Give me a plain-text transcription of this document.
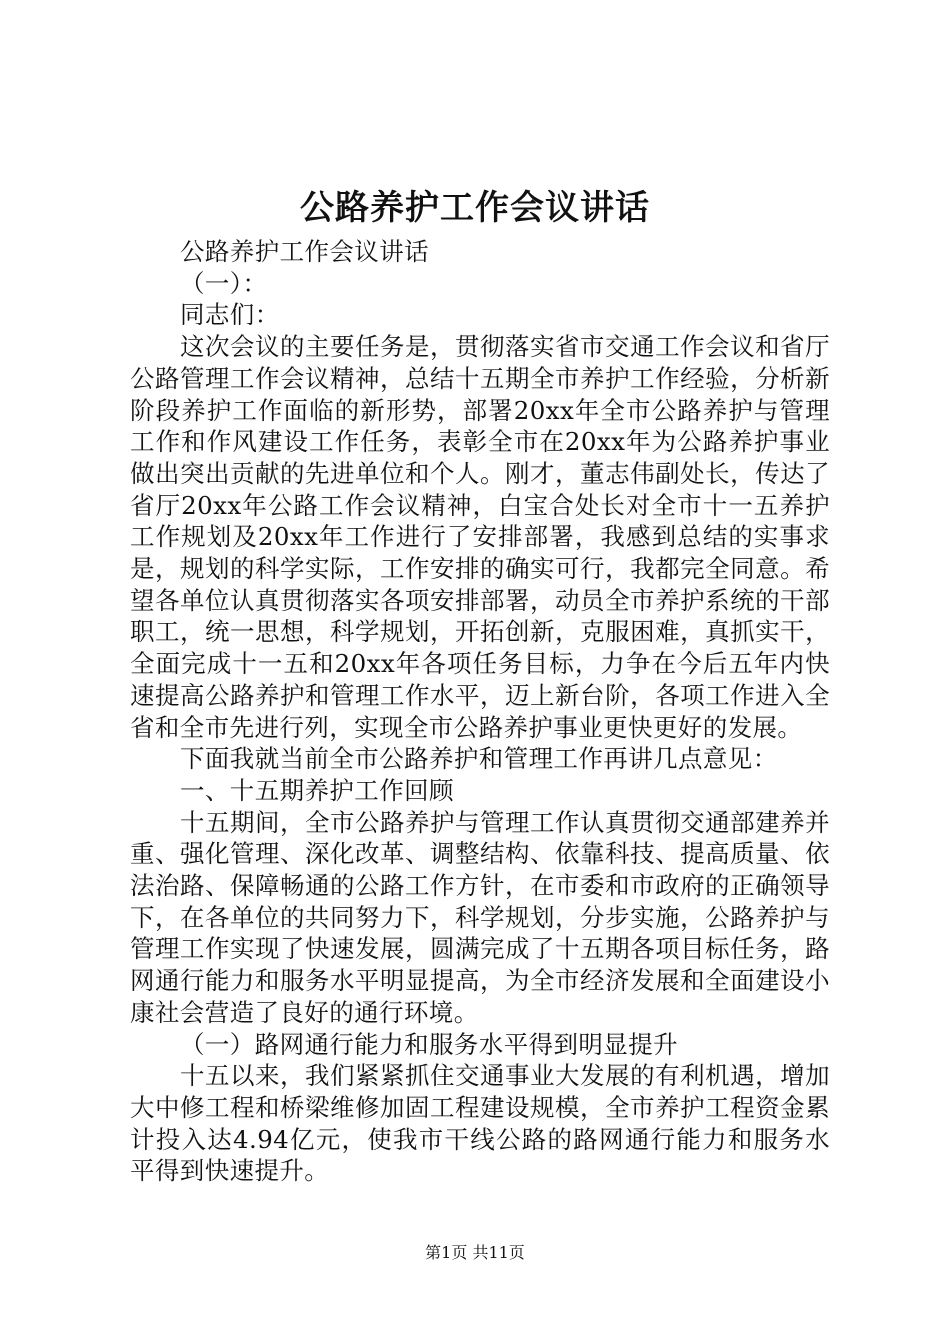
公路养护工作会议讲话

公路养护工作会议讲话

（一）：

同志们：

这次会议的主要任务是，贯彻落实省市交通工作会议和省厅公路管理工作会议精神，总结十五期全市养护工作经验，分析新阶段养护工作面临的新形势，部署20xx年全市公路养护与管理工作和作风建设工作任务，表彰全市在20xx年为公路养护事业做出突出贡献的先进单位和个人。刚才，董志伟副处长，传达了省厅20xx年公路工作会议精神，白宝合处长对全市十一五养护工作规划及20xx年工作进行了安排部署，我感到总结的实事求是，规划的科学实际，工作安排的确实可行，我都完全同意。希望各单位认真贯彻落实各项安排部署，动员全市养护系统的干部职工，统一思想，科学规划，开拓创新，克服困难，真抓实干，全面完成十一五和20xx年各项任务目标，力争在今后五年内快速提高公路养护和管理工作水平，迈上新台阶，各项工作进入全省和全市先进行列，实现全市公路养护事业更快更好的发展。

下面我就当前全市公路养护和管理工作再讲几点意见：

一、十五期养护工作回顾

十五期间，全市公路养护与管理工作认真贯彻交通部建养并重、强化管理、深化改革、调整结构、依靠科技、提高质量、依法治路、保障畅通的公路工作方针，在市委和市政府的正确领导下，在各单位的共同努力下，科学规划，分步实施，公路养护与管理工作实现了快速发展，圆满完成了十五期各项目标任务，路网通行能力和服务水平明显提高，为全市经济发展和全面建设小康社会营造了良好的通行环境。

（一）路网通行能力和服务水平得到明显提升

十五以来，我们紧紧抓住交通事业大发展的有利机遇，增加大中修工程和桥梁维修加固工程建设规模，全市养护工程资金累计投入达4.94亿元，使我市干线公路的路网通行能力和服务水平得到快速提升。

第1页 共11页
